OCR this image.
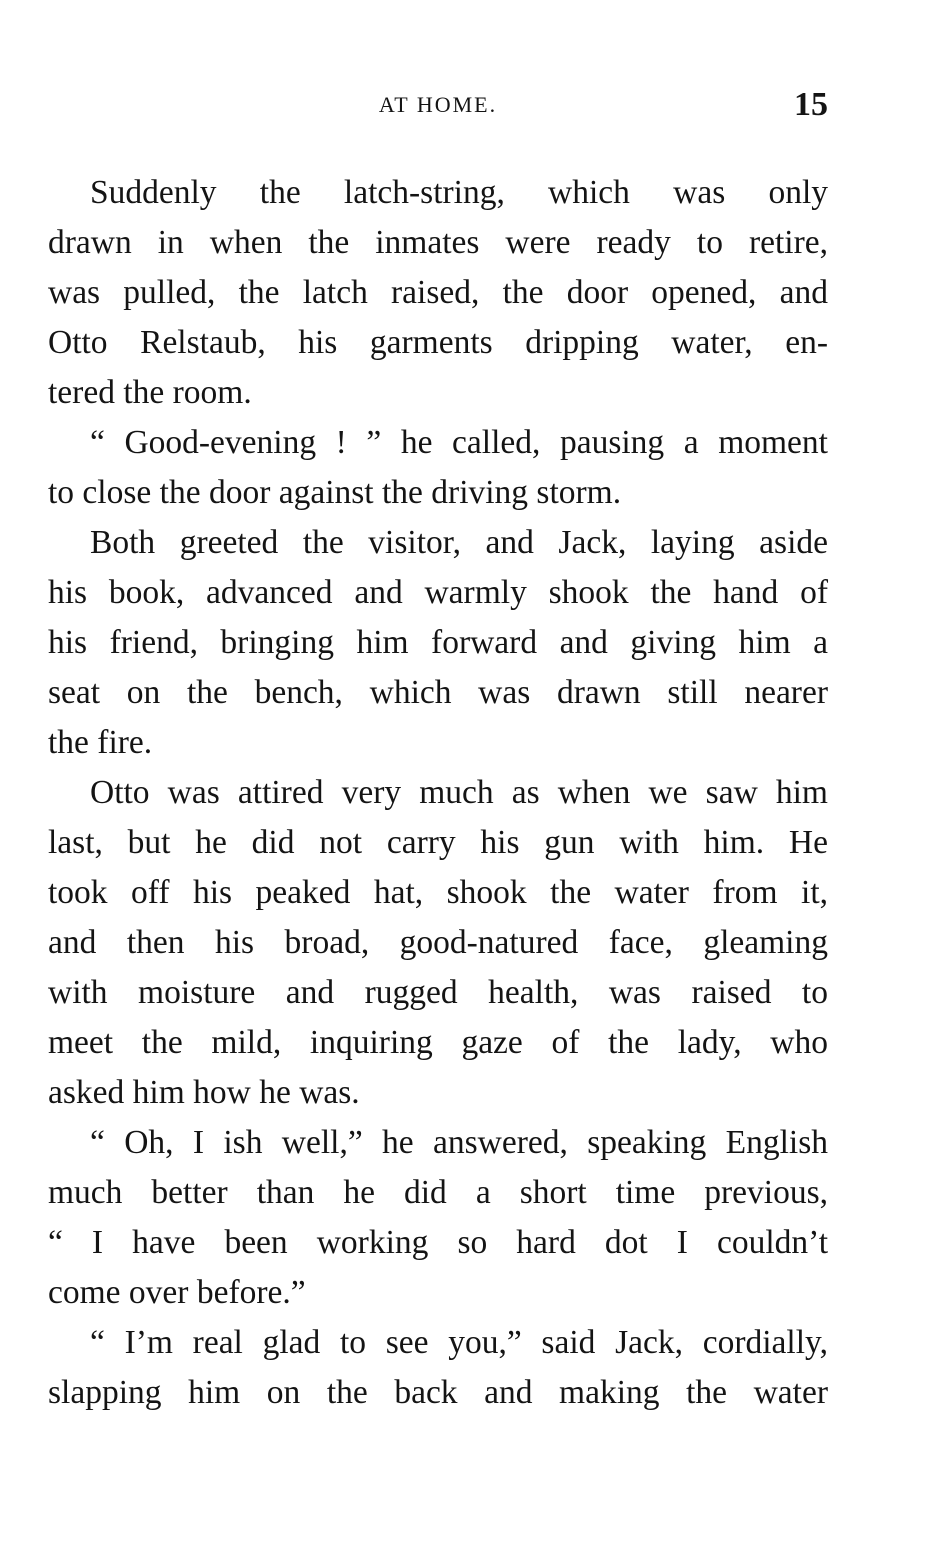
AT HOME.	15
Suddenly the latch-string, which was only
drawn in when the inmates were ready to retire,
was pulled, the latch raised, the door opened, and
Otto Relstaub, his garments dripping water, en-
tered the room.
“ Good-evening ! ” he called, pausing a moment
to close the door against the driving storm.
Both greeted the visitor, and Jack, laying aside
his book, advanced and warmly shook the hand of
his friend, bringing him forward and giving him a
seat on the bench, which was drawn still nearer
the fire.
Otto was attired very much as when we saw him
last, but he did not carry his gun with him. He
took off his peaked hat, shook the water from it,
and then his broad, good-natured face, gleaming
with moisture and rugged health, was raised to
meet the mild, inquiring gaze of the lady, who
asked him how he was.
“ Oh, I ish well,” he answered, speaking English
much better than he did a short time previous,
“ I have been working so hard dot I couldn’t
come over before.”
“ I’m real glad to see you,” said Jack, cordially,
slapping him on the back and making the water
